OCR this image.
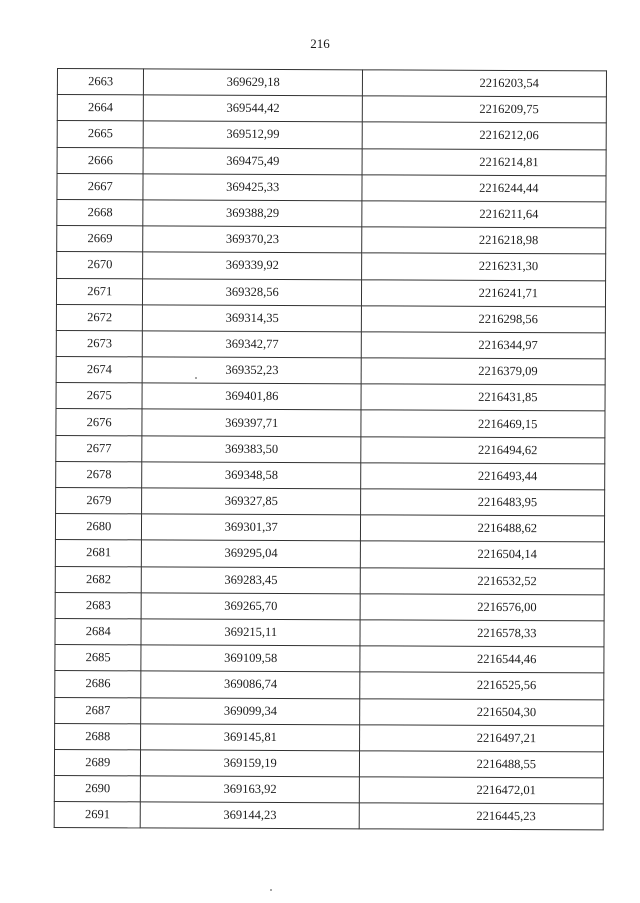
216
2663	369629,18	2216203,54
2664	369544,42	2216209,75
2665	369512,99	2216212,06
2666	369475,49	2216214,81
2667	369425,33	2216244,44
2668	369388,29	2216211,64
2669	369370,23	2216218,98
2670	369339,92	2216231,30
2671	369328,56	2216241,71
2672	369314,35	2216298,56
2673	369342,77	2216344,97
2674	369352,23	2216379,09
2675	369401,86	2216431,85
2676	369397,71	2216469,15
2677	369383,50	2216494,62
2678	369348,58	2216493,44
2679	369327,85	2216483,95
2680	369301,37	2216488,62
2681	369295,04	2216504,14
2682	369283,45	2216532,52
2683	369265,70	2216576,00
2684	369215,11	2216578,33
2685	369109,58	2216544,46
2686	369086,74	2216525,56
2687	369099,34	2216504,30
2688	369145,81	2216497,21
2689	369159,19	2216488,55
2690	369163,92	2216472,01
2691	369144,23	2216445,23
